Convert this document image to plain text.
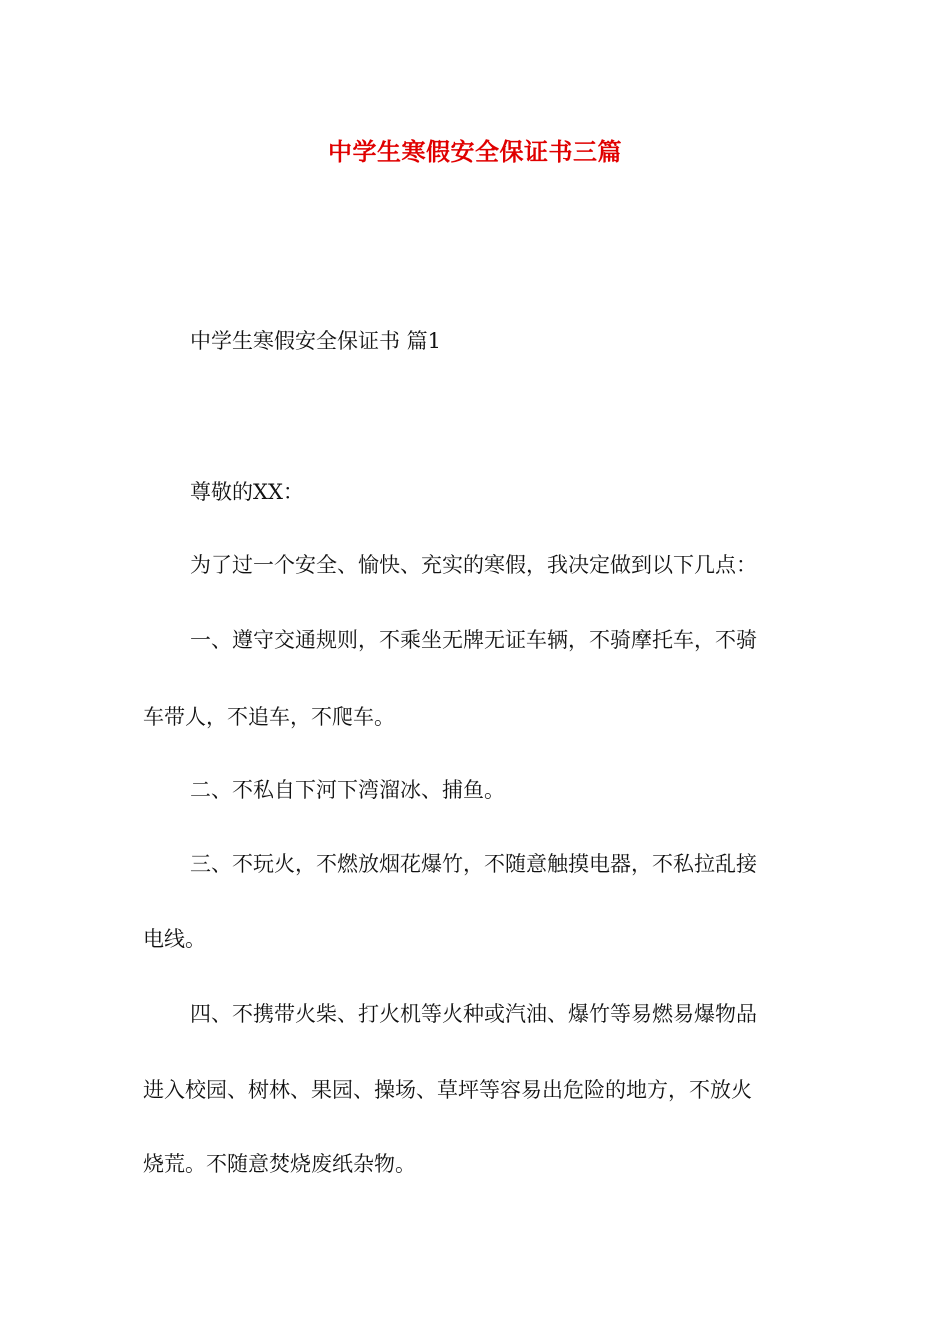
中学生寒假安全保证书三篇
中学生寒假安全保证书 篇1
尊敬的XX：
为了过一个安全、愉快、充实的寒假，我决定做到以下几点：
一、遵守交通规则，不乘坐无牌无证车辆，不骑摩托车，不骑
车带人，不追车，不爬车。
二、不私自下河下湾溜冰、捕鱼。
三、不玩火，不燃放烟花爆竹，不随意触摸电器，不私拉乱接
电线。
四、不携带火柴、打火机等火种或汽油、爆竹等易燃易爆物品
进入校园、树林、果园、操场、草坪等容易出危险的地方，不放火
烧荒。不随意焚烧废纸杂物。
